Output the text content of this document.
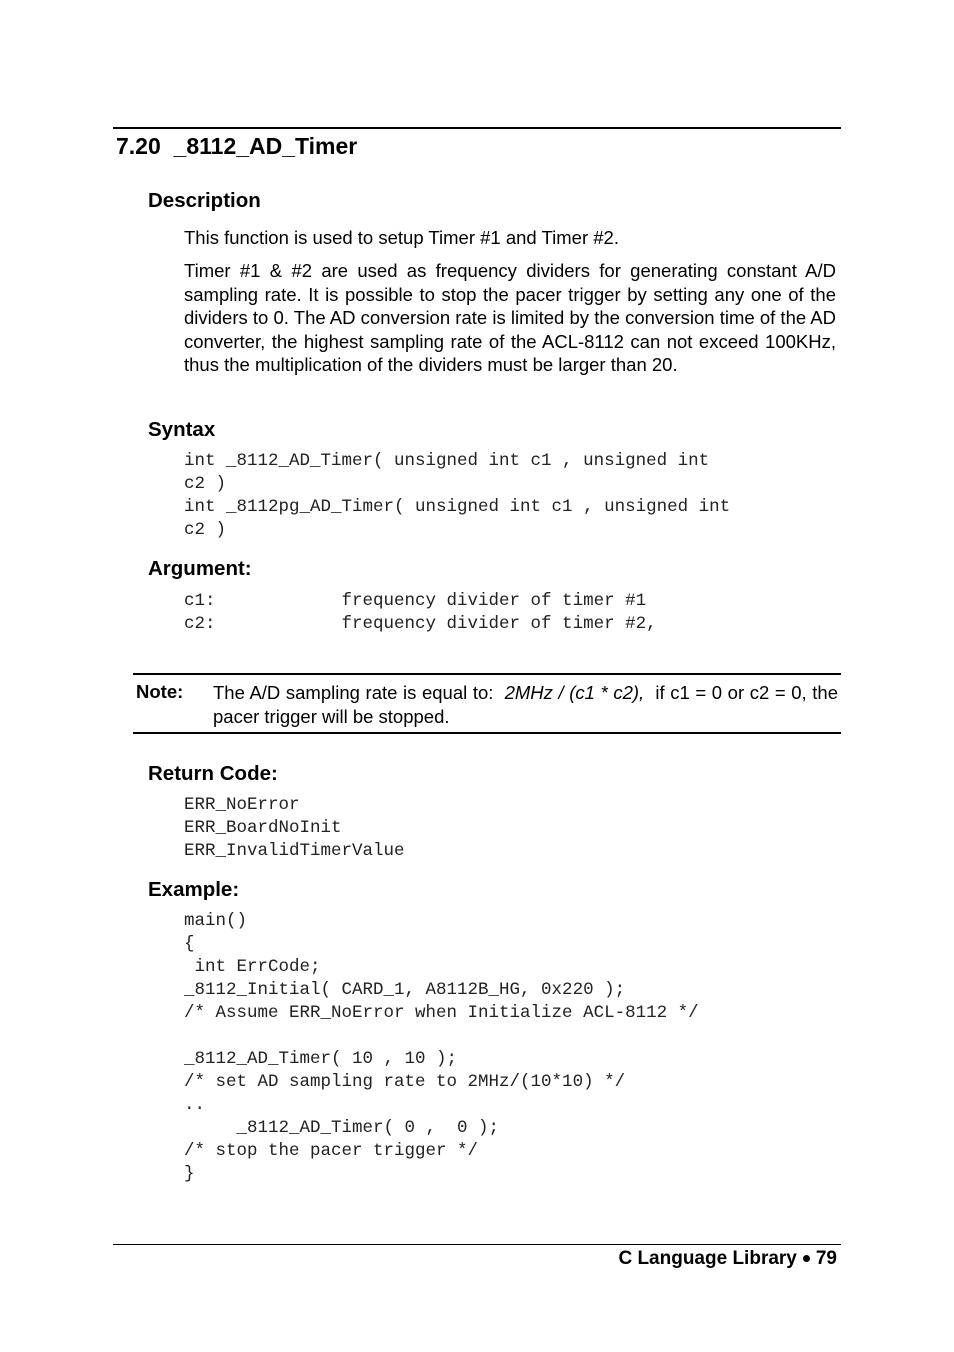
7.20 _8112_AD_Timer
Description
This function is used to setup Timer #1 and Timer #2.
Timer #1 & #2 are used as frequency dividers for generating constant A/D sampling rate. It is possible to stop the pacer trigger by setting any one of the dividers to 0. The AD conversion rate is limited by the conversion time of the AD converter, the highest sampling rate of the ACL-8112 can not exceed 100KHz, thus the multiplication of the dividers must be larger than 20.
Syntax
int _8112_AD_Timer( unsigned int c1 , unsigned int
c2 )
int _8112pg_AD_Timer( unsigned int c1 , unsigned int
c2 )
Argument:
c1:            frequency divider of timer #1
c2:            frequency divider of timer #2,
Note: The A/D sampling rate is equal to:  2MHz / (c1 * c2),  if c1 = 0 or c2 = 0, the pacer trigger will be stopped.
Return Code:
ERR_NoError
ERR_BoardNoInit
ERR_InvalidTimerValue
Example:
main()
{
int ErrCode;
_8112_Initial( CARD_1, A8112B_HG, 0x220 );
/* Assume ERR_NoError when Initialize ACL-8112 */
_8112_AD_Timer( 10 , 10 );
/* set AD sampling rate to 2MHz/(10*10) */
..
_8112_AD_Timer( 0 ,  0 );
/* stop the pacer trigger */
}
C Language Library 79
